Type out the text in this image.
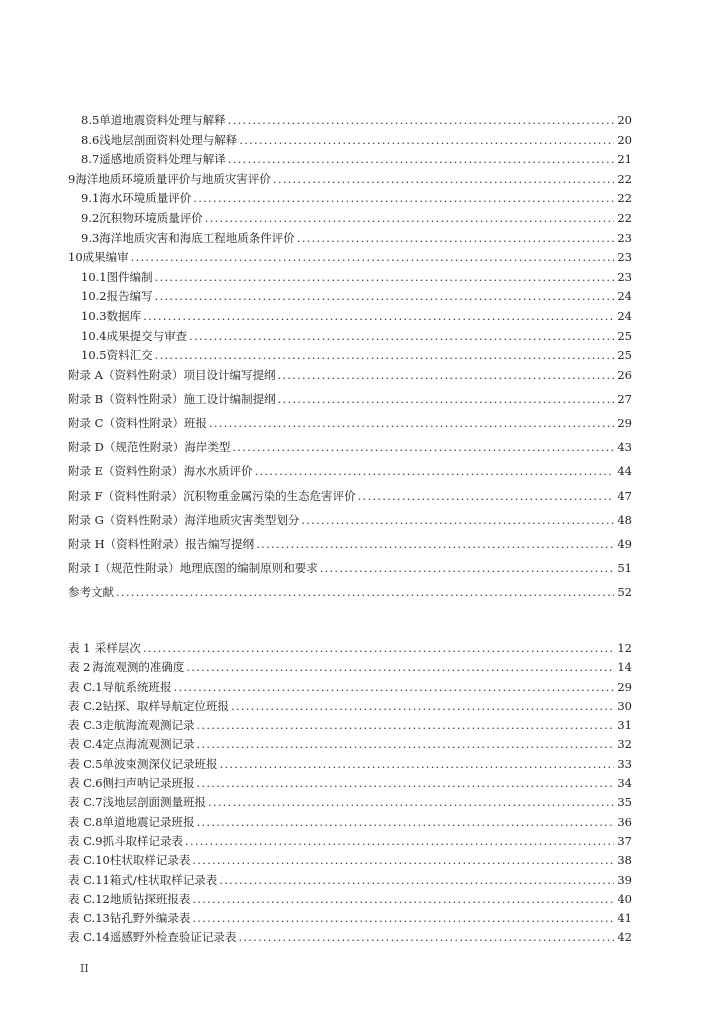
8.5 单道地震资料处理与解释 . . .	20
8.6 浅地层剖面资料处理与解释 . . .	20
8.7 遥感地质资料处理与解译 . . .	21
9 海洋地质环境质量评价与地质灾害评价 . . .	22
9.1 海水环境质量评价 . . .	22
9.2 沉积物环境质量评价 . . .	22
9.3 海洋地质灾害和海底工程地质条件评价 . . .	23
10 成果编审 . . .	23
10.1 图件编制 . . .	23
10.2 报告编写 . . .	24
10.3 数据库 . . .	24
10.4 成果提交与审查 . . .	25
10.5 资料汇交 . . .	25
附录 A（资料性附录） 项目设计编写提纲 . . .	26
附录 B（资料性附录） 施工设计编制提纲 . . .	27
附录 C（资料性附录） 班报 . . .	29
附录 D（规范性附录） 海岸类型 . . .	43
附录 E（资料性附录） 海水水质评价 . . .	44
附录 F（资料性附录） 沉积物重金属污染的生态危害评价 . . .	47
附录 G（资料性附录） 海洋地质灾害类型划分 . . .	48
附录 H（资料性附录） 报告编写提纲 . . .	49
附录 I（规范性附录） 地理底图的编制原则和要求 . . .	51
参考文献 . . .	52
表 1 采样层次 . . .	12
表 2 海流观测的准确度 . . .	14
表 C.1 导航系统班报 . . .	29
表 C.2 钻探、取样导航定位班报 . . .	30
表 C.3 走航海流观测记录 . . .	31
表 C.4 定点海流观测记录 . . .	32
表 C.5 单波束测深仪记录班报 . . .	33
表 C.6 侧扫声呐记录班报 . . .	34
表 C.7 浅地层剖面测量班报 . . .	35
表 C.8 单道地震记录班报 . . .	36
表 C.9 抓斗取样记录表 . . .	37
表 C.10 柱状取样记录表 . . .	38
表 C.11 箱式/柱状取样记录表 . . .	39
表 C.12 地质钻探班报表 . . .	40
表 C.13 钻孔野外编录表 . . .	41
表 C.14 遥感野外检查验证记录表 . . .	42
II
